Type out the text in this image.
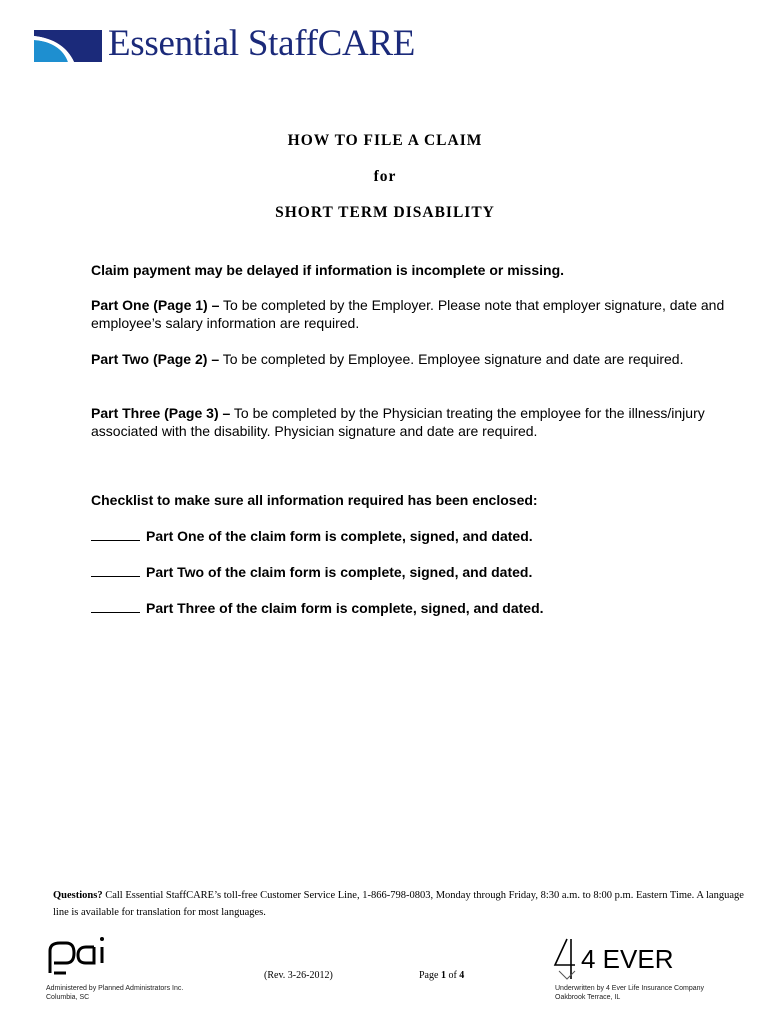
Essential StaffCARE
HOW TO FILE A CLAIM
for
SHORT TERM DISABILITY
Claim payment may be delayed if information is incomplete or missing.
Part One (Page 1) – To be completed by the Employer. Please note that employer signature, date and employee’s salary information are required.
Part Two (Page 2) – To be completed by Employee. Employee signature and date are required.
Part Three (Page 3) – To be completed by the Physician treating the employee for the illness/injury associated with the disability. Physician signature and date are required.
Checklist to make sure all information required has been enclosed:
Part One of the claim form is complete, signed, and dated.
Part Two of the claim form is complete, signed, and dated.
Part Three of the claim form is complete, signed, and dated.
Questions? Call Essential StaffCARE’s toll-free Customer Service Line, 1-866-798-0803, Monday through Friday, 8:30 a.m. to 8:00 p.m. Eastern Time. A language line is available for translation for most languages.
Administered by Planned Administrators Inc.
Columbia, SC
(Rev. 3-26-2012)	Page 1 of 4
4 EVER
Underwritten by 4 Ever Life Insurance Company
Oakbrook Terrace, IL
